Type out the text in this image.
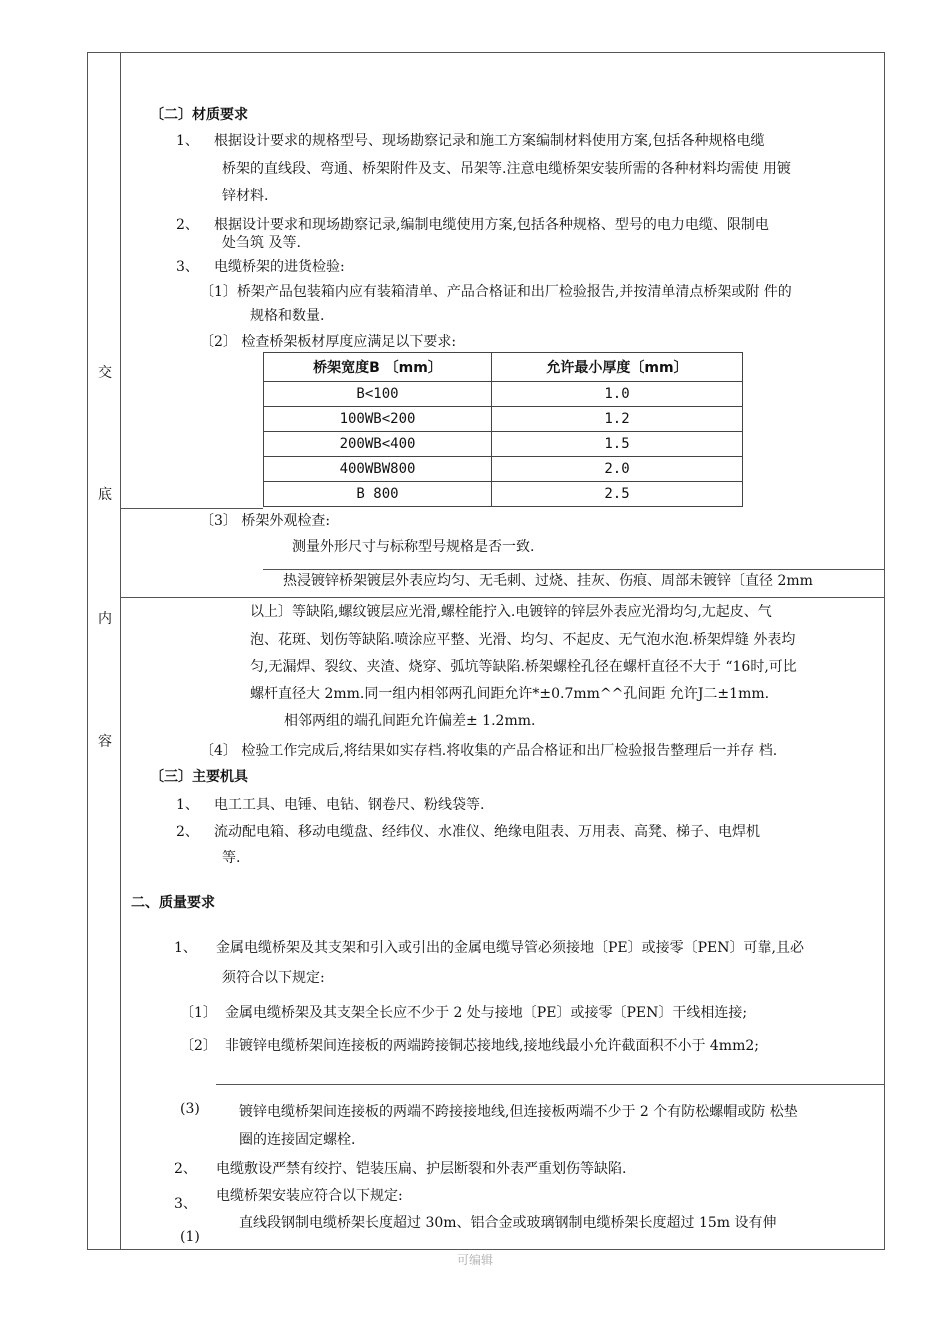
交
底
内
容
〔二〕材质要求
1、 根据设计要求的规格型号、现场勘察记录和施工方案编制材料使用方案,包括各种规格电缆
桥架的直线段、弯通、桥架附件及支、吊架等.注意电缆桥架安装所需的各种材料均需使 用镀
锌材料.
2、 根据设计要求和现场勘察记录,编制电缆使用方案,包括各种规格、型号的电力电缆、限制电
处刍筑 及等.
3、 电缆桥架的进货检验:
〔1〕桥架产品包装箱内应有装箱清单、产品合格证和出厂检验报告,并按清单清点桥架或附 件的
规格和数量.
〔2〕 检查桥架板材厚度应满足以下要求:
桥架宽度B 〔mm〕	允许最小厚度〔mm〕
B<100	1.0
100WB<200	1.2
200WB<400	1.5
400WBW800	2.0
B 800	2.5
〔3〕 桥架外观检查:
测量外形尺寸与标称型号规格是否一致.
热浸镀锌桥架镀层外表应均匀、无毛刺、过烧、挂灰、伤痕、周部未镀锌〔直径 2mm
以上〕等缺陷,螺纹镀层应光滑,螺栓能拧入.电镀锌的锌层外表应光滑均匀,尢起皮、气
泡、花斑、划伤等缺陷.喷涂应平整、光滑、均匀、不起皮、无气泡水泡.桥架焊缝 外表均
匀,无漏焊、裂纹、夹渣、烧穿、弧坑等缺陷.桥架螺栓孔径在螺杆直径不大于 “16时,可比
螺杆直径大 2mm.同一组内相邻两孔间距允许*±0.7mm^^孔间距 允许J二±1mm.
相邻两组的端孔间距允许偏差± 1.2mm.
〔4〕 检验工作完成后,将结果如实存档.将收集的产品合格证和出厂检验报告整理后一并存 档.
〔三〕主要机具
1、 电工工具、电锤、电钻、钢卷尺、粉线袋等.
2、 流动配电箱、移动电缆盘、经纬仪、水准仪、绝缘电阻表、万用表、高凳、梯子、电焊机
等.
二、质量要求
1、 金属电缆桥架及其支架和引入或引出的金属电缆导管必须接地〔PE〕或接零〔PEN〕可靠,且必
须符合以下规定:
〔1〕 金属电缆桥架及其支架全长应不少于 2 处与接地〔PE〕或接零〔PEN〕干线相连接;
〔2〕 非镀锌电缆桥架间连接板的两端跨接铜芯接地线,接地线最小允许截面积不小于 4mm2;
(3)	镀锌电缆桥架间连接板的两端不跨接接地线,但连接板两端不少于 2 个有防松螺帽或防 松垫
圈的连接固定螺栓.
2、 电缆敷设严禁有绞拧、铠装压扁、护层断裂和外表严重划伤等缺陷.
3、 电缆桥架安装应符合以下规定:
(1)
直线段钢制电缆桥架长度超过 30m、铝合金或玻璃钢制电缆桥架长度超过 15m 设有伸
可编辑
